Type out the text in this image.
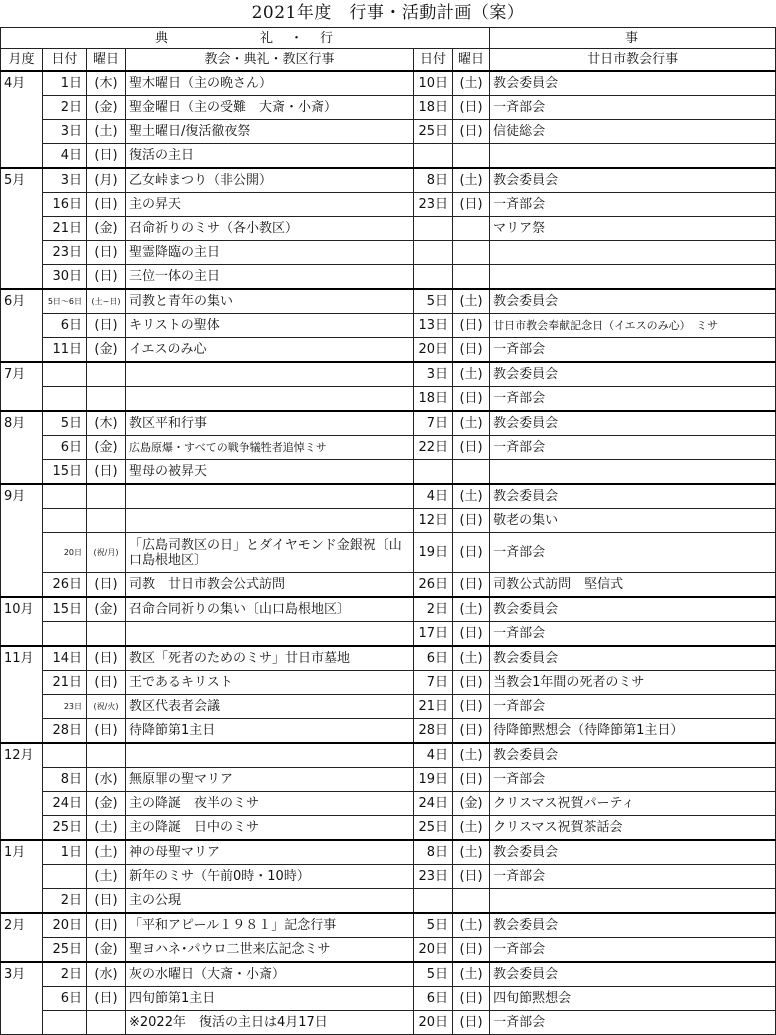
2021年度　行事・活動計画（案）
典　　　　　　礼　・　行						事
月度	日付	曜日	教会・典礼・教区行事	日付	曜日	廿日市教会行事
4月	1日	(木)	聖木曜日（主の晩さん）	10日	(土)	教会委員会
	2日	(金)	聖金曜日（主の受難　大斎・小斎）	18日	(日)	一斉部会
	3日	(土)	聖土曜日/復活徹夜祭	25日	(日)	信徒総会
	4日	(日)	復活の主日			
5月	3日	(月)	乙女峠まつり（非公開）	8日	(土)	教会委員会
	16日	(日)	主の昇天	23日	(日)	一斉部会
	21日	(金)	召命祈りのミサ（各小教区）			マリア祭
	23日	(日)	聖霊降臨の主日			
	30日	(日)	三位一体の主日			
6月	5日～6日	(土~日)	司教と青年の集い	5日	(土)	教会委員会
	6日	(日)	キリストの聖体	13日	(日)	廿日市教会奉献記念日（イエスのみ心）　ミサ
	11日	(金)	イエスのみ心	20日	(日)	一斉部会
7月				3日	(土)	教会委員会
				18日	(日)	一斉部会
8月	5日	(木)	教区平和行事	7日	(土)	教会委員会
	6日	(金)	広島原爆・すべての戦争犠牲者追悼ミサ	22日	(日)	一斉部会
	15日	(日)	聖母の被昇天			
9月				4日	(土)	教会委員会
				12日	(日)	敬老の集い
	20日	(祝/月)	「広島司教区の日」とダイヤモンド金銀祝〔山口島根地区〕	19日	(日)	一斉部会
	26日	(日)	司教　廿日市教会公式訪問	26日	(日)	司教公式訪問　堅信式
10月	15日	(金)	召命合同祈りの集い〔山口島根地区〕	2日	(土)	教会委員会
				17日	(日)	一斉部会
11月	14日	(日)	教区「死者のためのミサ」廿日市墓地	6日	(土)	教会委員会
	21日	(日)	王であるキリスト	7日	(日)	当教会1年間の死者のミサ
	23日	(祝/火)	教区代表者会議	21日	(日)	一斉部会
	28日	(日)	待降節第1主日	28日	(日)	待降節黙想会（待降節第1主日）
12月				4日	(土)	教会委員会
	8日	(水)	無原罪の聖マリア	19日	(日)	一斉部会
	24日	(金)	主の降誕　夜半のミサ	24日	(金)	クリスマス祝賀パーティ
	25日	(土)	主の降誕　日中のミサ	25日	(土)	クリスマス祝賀茶話会
1月	1日	(土)	神の母聖マリア	8日	(土)	教会委員会
		(土)	新年のミサ（午前0時・10時）	23日	(日)	一斉部会
	2日	(日)	主の公現			
2月	20日	(日)	「平和アピール１９８１」記念行事	5日	(土)	教会委員会
	25日	(金)	聖ヨハネ･パウロ二世来広記念ミサ	20日	(日)	一斉部会
3月	2日	(水)	灰の水曜日（大斎・小斎）	5日	(土)	教会委員会
	6日	(日)	四旬節第1主日	6日	(日)	四旬節黙想会
			※2022年　復活の主日は4月17日	20日	(日)	一斉部会
